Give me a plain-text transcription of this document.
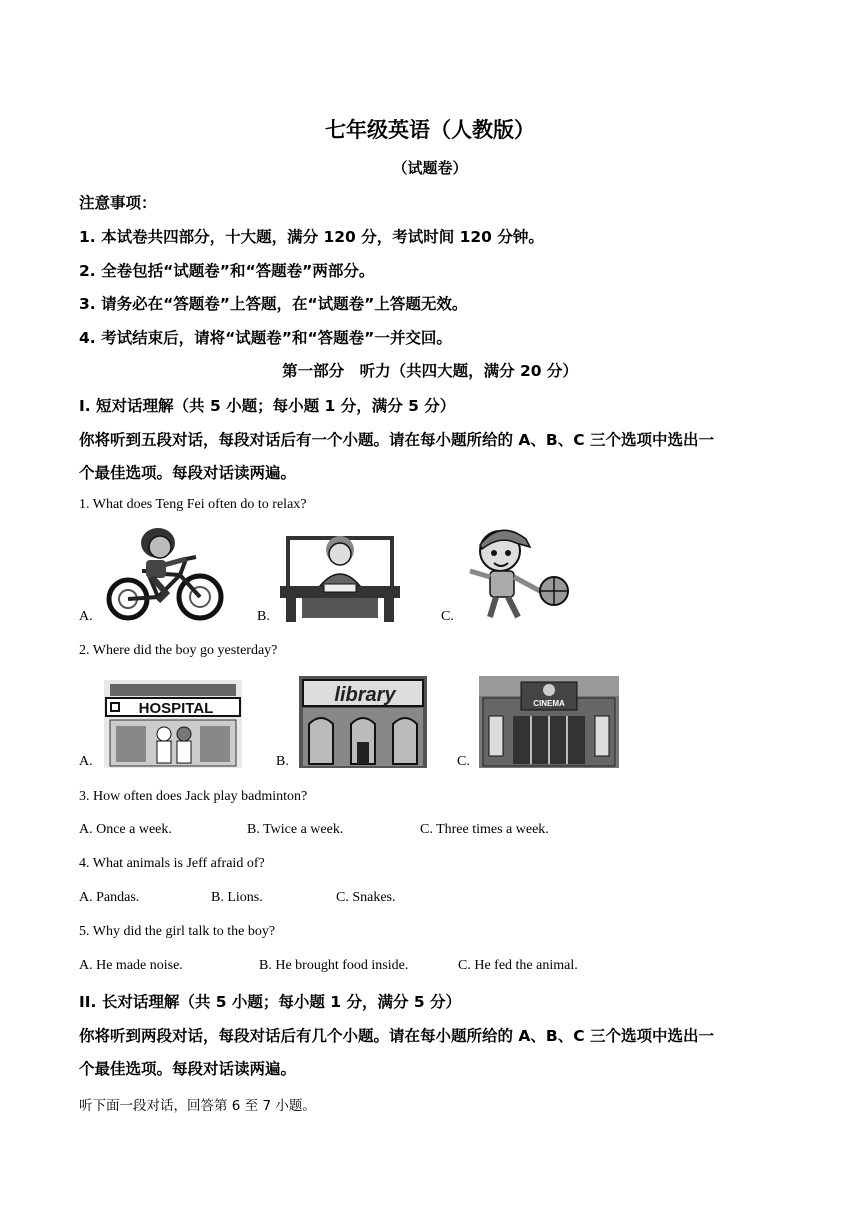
七年级英语（人教版）
（试题卷）
注意事项：
1. 本试卷共四部分，十大题，满分 120 分，考试时间 120 分钟。
2. 全卷包括“试题卷”和“答题卷”两部分。
3. 请务必在“答题卷”上答题，在“试题卷”上答题无效。
4. 考试结束后，请将“试题卷”和“答题卷”一并交回。
第一部分　听力（共四大题，满分 20 分）
I. 短对话理解（共 5 小题；每小题 1 分，满分 5 分）
你将听到五段对话，每段对话后有一个小题。请在每小题所给的 A、B、C 三个选项中选出一
个最佳选项。每段对话读两遍。
1. What does Teng Fei often do to relax?
A.	B.	C.
2. Where did the boy go yesterday?
A.	B.	C.
HOSPITAL
library	CINEMA
3. How often does Jack play badminton?
A. Once a week.	B. Twice a week.	C. Three times a week.
4. What animals is Jeff afraid of?
A. Pandas.	B. Lions.	C. Snakes.
5. Why did the girl talk to the boy?
A. He made noise.	B. He brought food inside.	C. He fed the animal.
II. 长对话理解（共 5 小题；每小题 1 分，满分 5 分）
你将听到两段对话，每段对话后有几个小题。请在每小题所给的 A、B、C 三个选项中选出一
个最佳选项。每段对话读两遍。
听下面一段对话，回答第 6 至 7 小题。
